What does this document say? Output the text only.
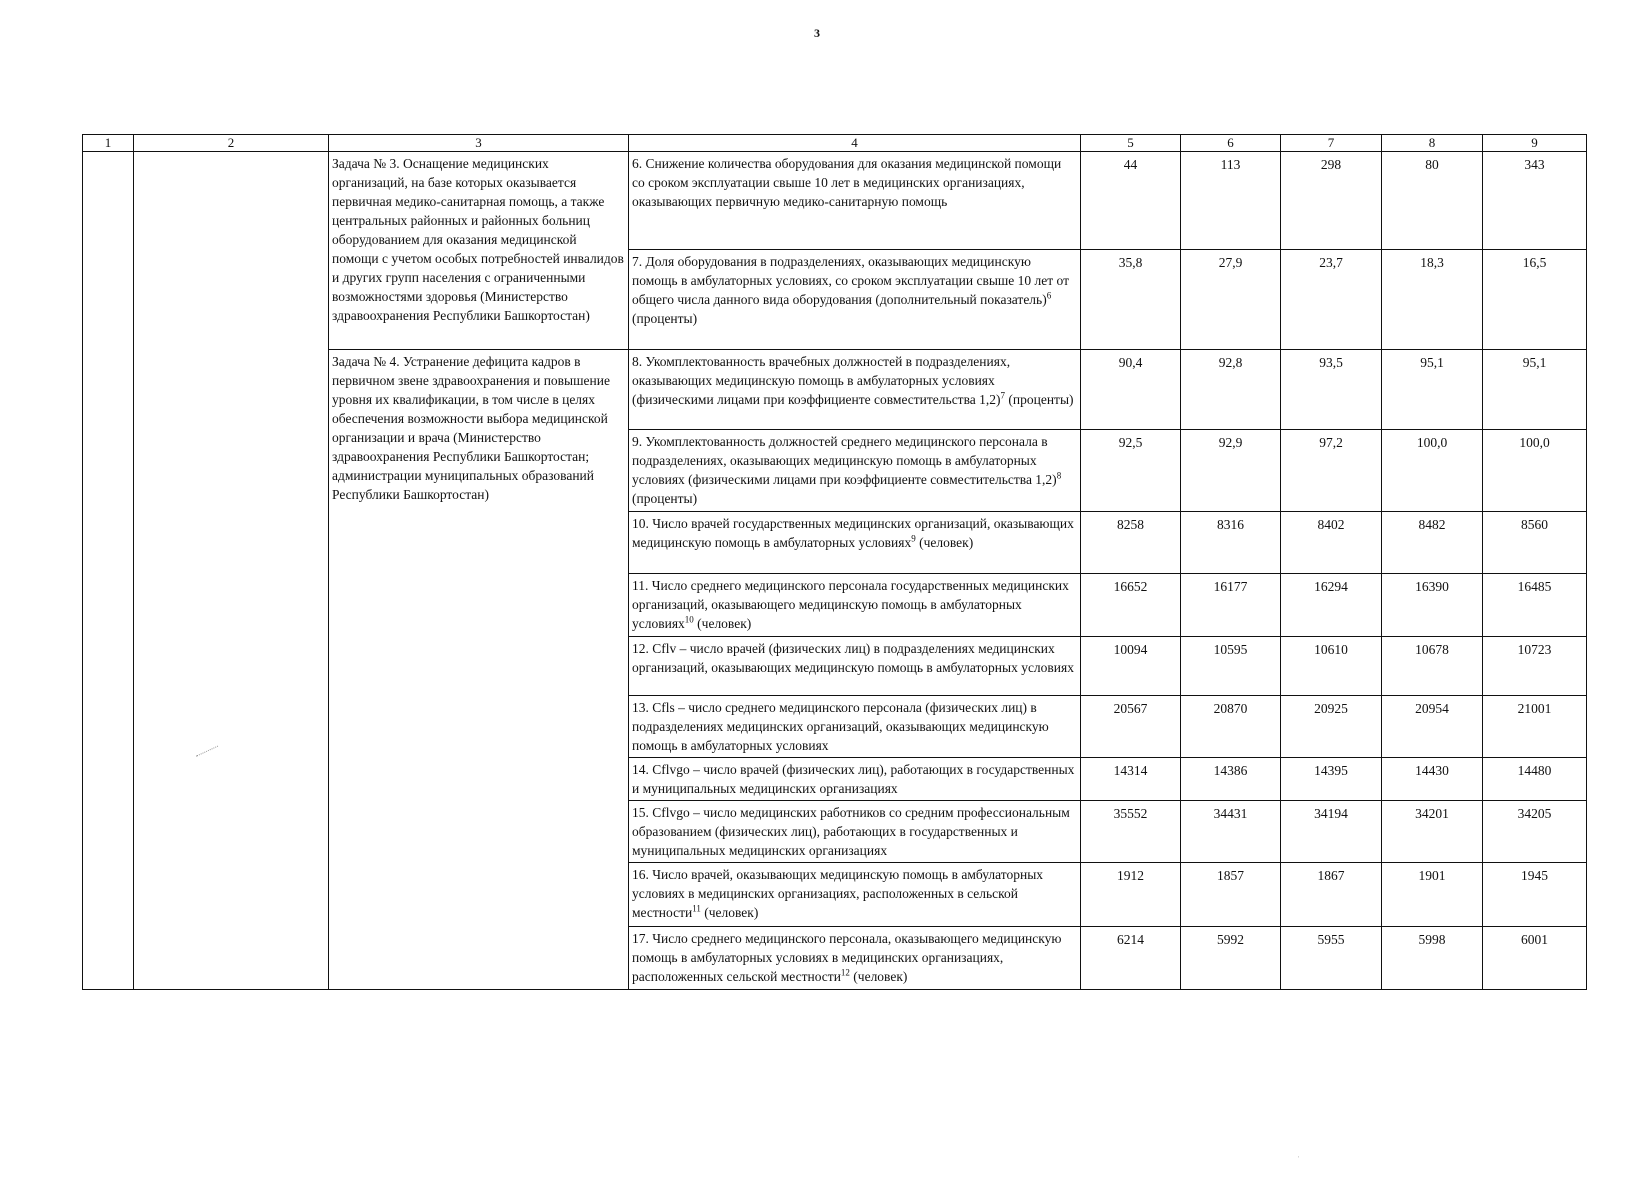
3
1	2	3	4	5	6	7	8	9
		Задача № 3. Оснащение медицинских организаций, на базе которых оказывается первичная медико-санитарная помощь, а также центральных районных и районных больниц оборудованием для оказания медицинской помощи с учетом особых потребностей инвалидов и других групп населения с ограниченными возможностями здоровья (Министерство здравоохранения Республики Башкортостан)	6. Снижение количества оборудования для оказания медицинской помощи со сроком эксплуатации свыше 10 лет в медицинских организациях, оказывающих первичную медико-санитарную помощь	44	113	298	80	343
			7. Доля оборудования в подразделениях, оказывающих медицинскую помощь в амбулаторных условиях, со сроком эксплуатации свыше 10 лет от общего числа данного вида оборудования (дополнительный показатель)$^6$ (проценты)	35,8	27,9	23,7	18,3	16,5
		Задача № 4. Устранение дефицита кадров в первичном звене здравоохранения и повышение уровня их квалификации, в том числе в целях обеспечения возможности выбора медицинской организации и врача (Министерство здравоохранения Республики Башкортостан; администрации муниципальных образований Республики Башкортостан)	8. Укомплектованность врачебных должностей в подразделениях, оказывающих медицинскую помощь в амбулаторных условиях (физическими лицами при коэффициенте совместительства 1,2)$^7$ (проценты)	90,4	92,8	93,5	95,1	95,1
			9. Укомплектованность должностей среднего медицинского персонала в подразделениях, оказывающих медицинскую помощь в амбулаторных условиях (физическими лицами при коэффициенте совместительства 1,2)$^8$ (проценты)	92,5	92,9	97,2	100,0	100,0
			10. Число врачей государственных медицинских организаций, оказывающих медицинскую помощь в амбулаторных условиях$^9$ (человек)	8258	8316	8402	8482	8560
			11. Число среднего медицинского персонала государственных медицинских организаций, оказывающего медицинскую помощь в амбулаторных условиях$^{10}$ (человек)	16652	16177	16294	16390	16485
			12. Cflv – число врачей (физических лиц) в подразделениях медицинских организаций, оказывающих медицинскую помощь в амбулаторных условиях	10094	10595	10610	10678	10723
			13. Cfls – число среднего медицинского персонала (физических лиц) в подразделениях медицинских организаций, оказывающих медицинскую помощь в амбулаторных условиях	20567	20870	20925	20954	21001
			14. Cflvgo – число врачей (физических лиц), работающих в государственных и муниципальных медицинских организациях	14314	14386	14395	14430	14480
			15. Cflvgo – число медицинских работников со средним профессиональным образованием (физических лиц), работающих в государственных и муниципальных медицинских организациях	35552	34431	34194	34201	34205
			16. Число врачей, оказывающих медицинскую помощь в амбулаторных условиях в медицинских организациях, расположенных в сельской местности$^{11}$ (человек)	1912	1857	1867	1901	1945
			17. Число среднего медицинского персонала, оказывающего медицинскую помощь в амбулаторных условиях в медицинских организациях, расположенных сельской местности$^{12}$ (человек)	6214	5992	5955	5998	6001
ˈ
